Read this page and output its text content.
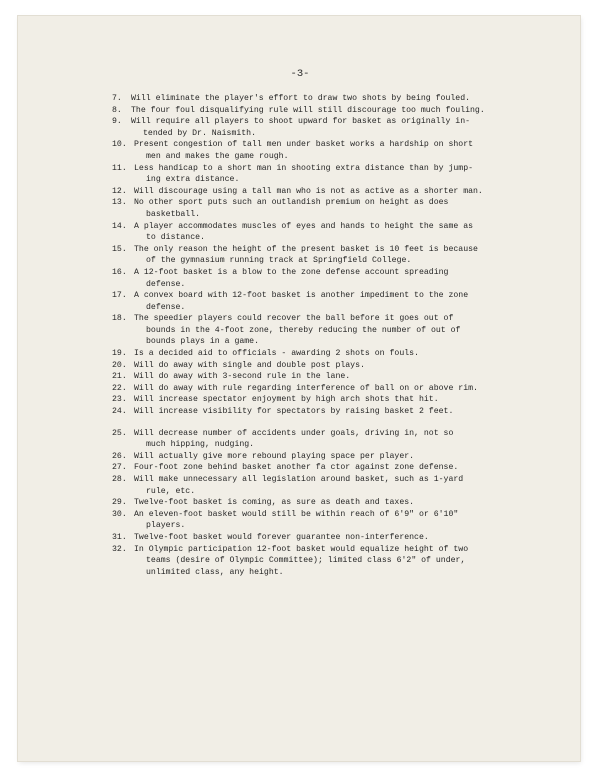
-3-
7.	Will eliminate the player's effort to draw two shots by being fouled.
8.	The four foul disqualifying rule will still discourage too much fouling.
9.	Will require all players to shoot upward for basket as originally in-
tended by Dr. Naismith.
10. Present congestion of tall men under basket works a hardship on short
men and makes the game rough.
11. Less handicap to a short man in shooting extra distance than by jump-
ing extra distance.
12. Will discourage using a tall man who is not as active as a shorter man.
13. No other sport puts such an outlandish premium on height as does
basketball.
14. A player accommodates muscles of eyes and hands to height the same as
to distance.
15. The only reason the height of the present basket is 10 feet is because
of the gymnasium running track at Springfield College.
16. A 12-foot basket is a blow to the zone defense account spreading
defense.
17. A convex board with 12-foot basket is another impediment to the zone
defense.
18. The speedier players could recover the ball before it goes out of
bounds in the 4-foot zone, thereby reducing the number of out of
bounds plays in a game.
19. Is a decided aid to officials - awarding 2 shots on fouls.
20. Will do away with single and double post plays.
21. Will do away with 3-second rule in the lane.
22. Will do away with rule regarding interference of ball on or above rim.
23. Will increase spectator enjoyment by high arch shots that hit.
24. Will increase visibility for spectators by raising basket 2 feet.
25. Will decrease number of accidents under goals, driving in, not so
much hipping, nudging.
26. Will actually give more rebound playing space per player.
27. Four-foot zone behind basket another fa ctor against zone defense.
28. Will make unnecessary all legislation around basket, such as 1-yard
rule, etc.
29. Twelve-foot basket is coming, as sure as death and taxes.
30. An eleven-foot basket would still be within reach of 6'9" or 6'10"
players.
31. Twelve-foot basket would forever guarantee non-interference.
32. In Olympic participation 12-foot basket would equalize height of two
teams (desire of Olympic Committee); limited class 6'2" of under,
unlimited class, any height.
